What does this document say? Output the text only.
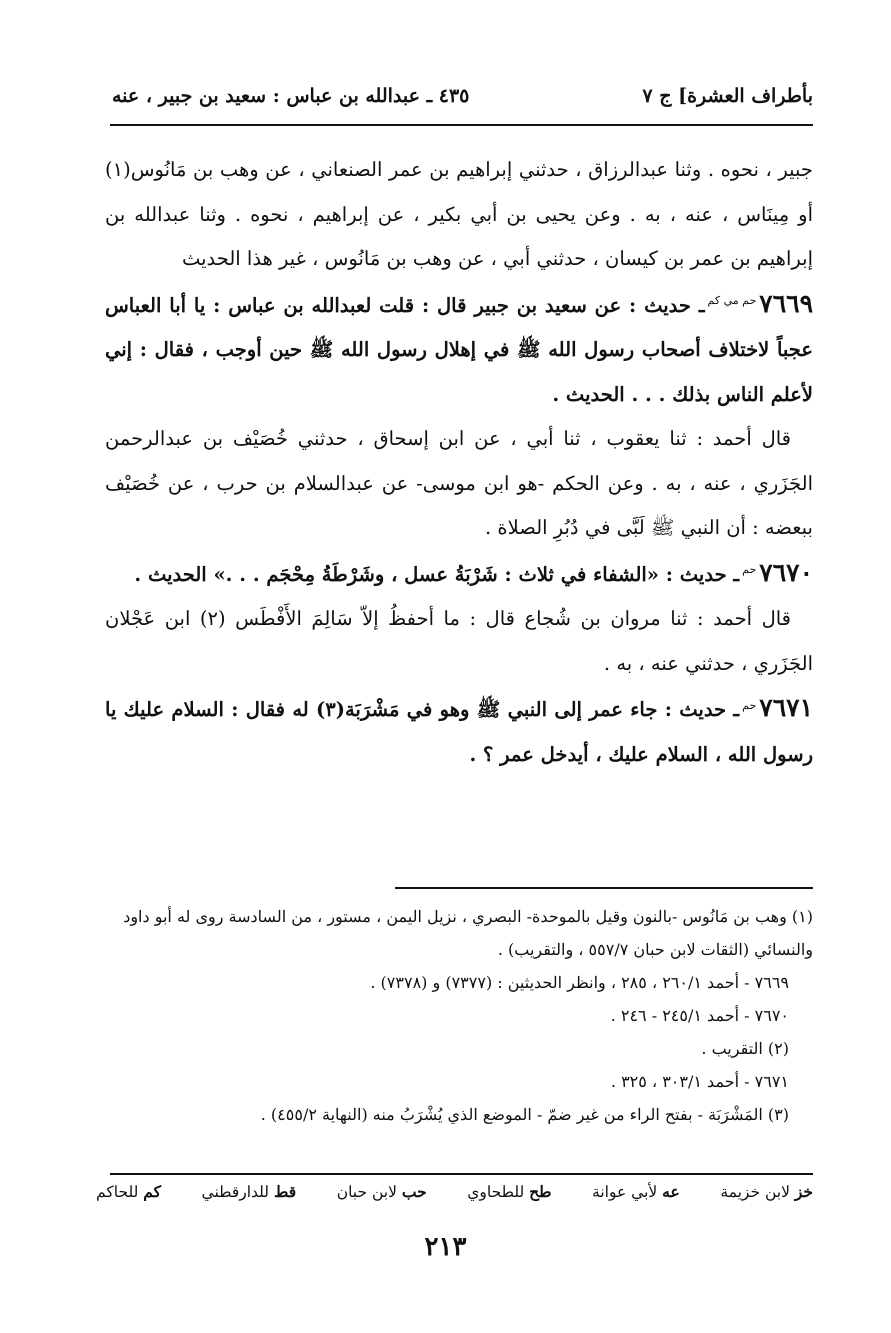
بأطراف العشرة] ج ٧
٤٣٥ ـ عبدالله بن عباس : سعيد بن جبير ، عنه

جبير ، نحوه . وثنا عبدالرزاق ، حدثني إبراهيم بن عمر الصنعاني ، عن وهب بن مَانُوس(١) أو مِينَاس ، عنه ، به . وعن يحيى بن أبي بكير ، عن إبراهيم ، نحوه . وثنا عبدالله بن إبراهيم بن عمر بن كيسان ، حدثني أبي ، عن وهب بن مَانُوس ، غير هذا الحديث

٧٦٦٩حم مي كمـ حديث : عن سعيد بن جبير قال : قلت لعبدالله بن عباس : يا أبا العباس عجباً لاختلاف أصحاب رسول الله ﷺ في إهلال رسول الله ﷺ حين أوجب ، فقال : إني لأعلم الناس بذلك . . . الحديث .

قال أحمد : ثنا يعقوب ، ثنا أبي ، عن ابن إسحاق ، حدثني خُصَيْف بن عبدالرحمن الجَزَري ، عنه ، به . وعن الحكم -هو ابن موسى- عن عبدالسلام بن حرب ، عن خُصَيْف ببعضه : أن النبي ﷺ لَبَّى في دُبُرِ الصلاة .

٧٦٧٠حمـ حديث : «الشفاء في ثلاث : شَرْبَةُ عسل ، وشَرْطَةُ مِحْجَم . . .» الحديث .

قال أحمد : ثنا مروان بن شُجاع قال : ما أحفظُ إلاّ سَالِمَ الأَفْطَس (٢) ابن عَجْلان الجَزَري ، حدثني عنه ، به .

٧٦٧١حمـ حديث : جاء عمر إلى النبي ﷺ وهو في مَشْرَبَة(٣) له فقال : السلام عليك يا رسول الله ، السلام عليك ، أيدخل عمر ؟ .

(١) وهب بن مَانُوس -بالنون وقيل بالموحدة- البصري ، نزيل اليمن ، مستور ، من السادسة روى له أبو داود والنسائي (الثقات لابن حبان ٥٥٧/٧ ، والتقريب) .

٧٦٦٩ - أحمد ٢٦٠/١ ، ٢٨٥ ، وانظر الحديثين : (٧٣٧٧) و (٧٣٧٨) .

٧٦٧٠ - أحمد ٢٤٥/١ - ٢٤٦ .

(٢) التقريب .

٧٦٧١ - أحمد ٣٠٣/١ ، ٣٢٥ .

(٣) المَشْرَبَة - بفتح الراء من غير ضمّ - الموضع الذي يُشْرَبُ منه (النهاية ٤٥٥/٢) .

خز لابن خزيمة
عه لأبي عوانة
طح للطحاوي
حب لابن حبان
قط للدارقطني
كم للحاكم
٢١٣
